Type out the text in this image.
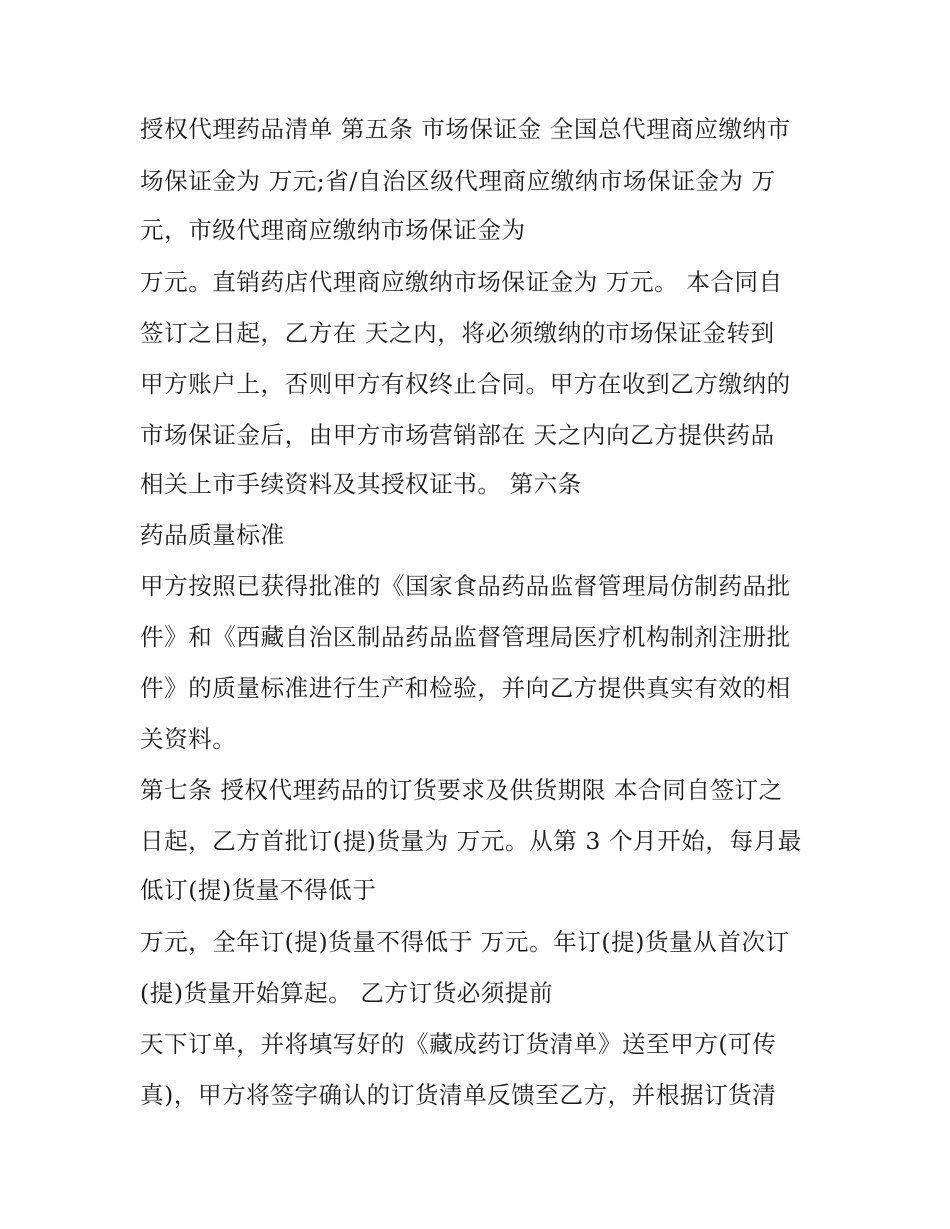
授权代理药品清单 第五条 市场保证金 全国总代理商应缴纳市
场保证金为 万元;省/自治区级代理商应缴纳市场保证金为 万
元，市级代理商应缴纳市场保证金为
万元。直销药店代理商应缴纳市场保证金为 万元。 本合同自
签订之日起，乙方在 天之内，将必须缴纳的市场保证金转到
甲方账户上，否则甲方有权终止合同。甲方在收到乙方缴纳的
市场保证金后，由甲方市场营销部在 天之内向乙方提供药品
相关上市手续资料及其授权证书。 第六条
药品质量标准
甲方按照已获得批准的《国家食品药品监督管理局仿制药品批
件》和《西藏自治区制品药品监督管理局医疗机构制剂注册批
件》的质量标准进行生产和检验，并向乙方提供真实有效的相
关资料。
第七条 授权代理药品的订货要求及供货期限 本合同自签订之
日起，乙方首批订(提)货量为 万元。从第 3 个月开始，每月最
低订(提)货量不得低于
万元，全年订(提)货量不得低于 万元。年订(提)货量从首次订
(提)货量开始算起。 乙方订货必须提前
天下订单，并将填写好的《藏成药订货清单》送至甲方(可传
真)，甲方将签字确认的订货清单反馈至乙方，并根据订货清
